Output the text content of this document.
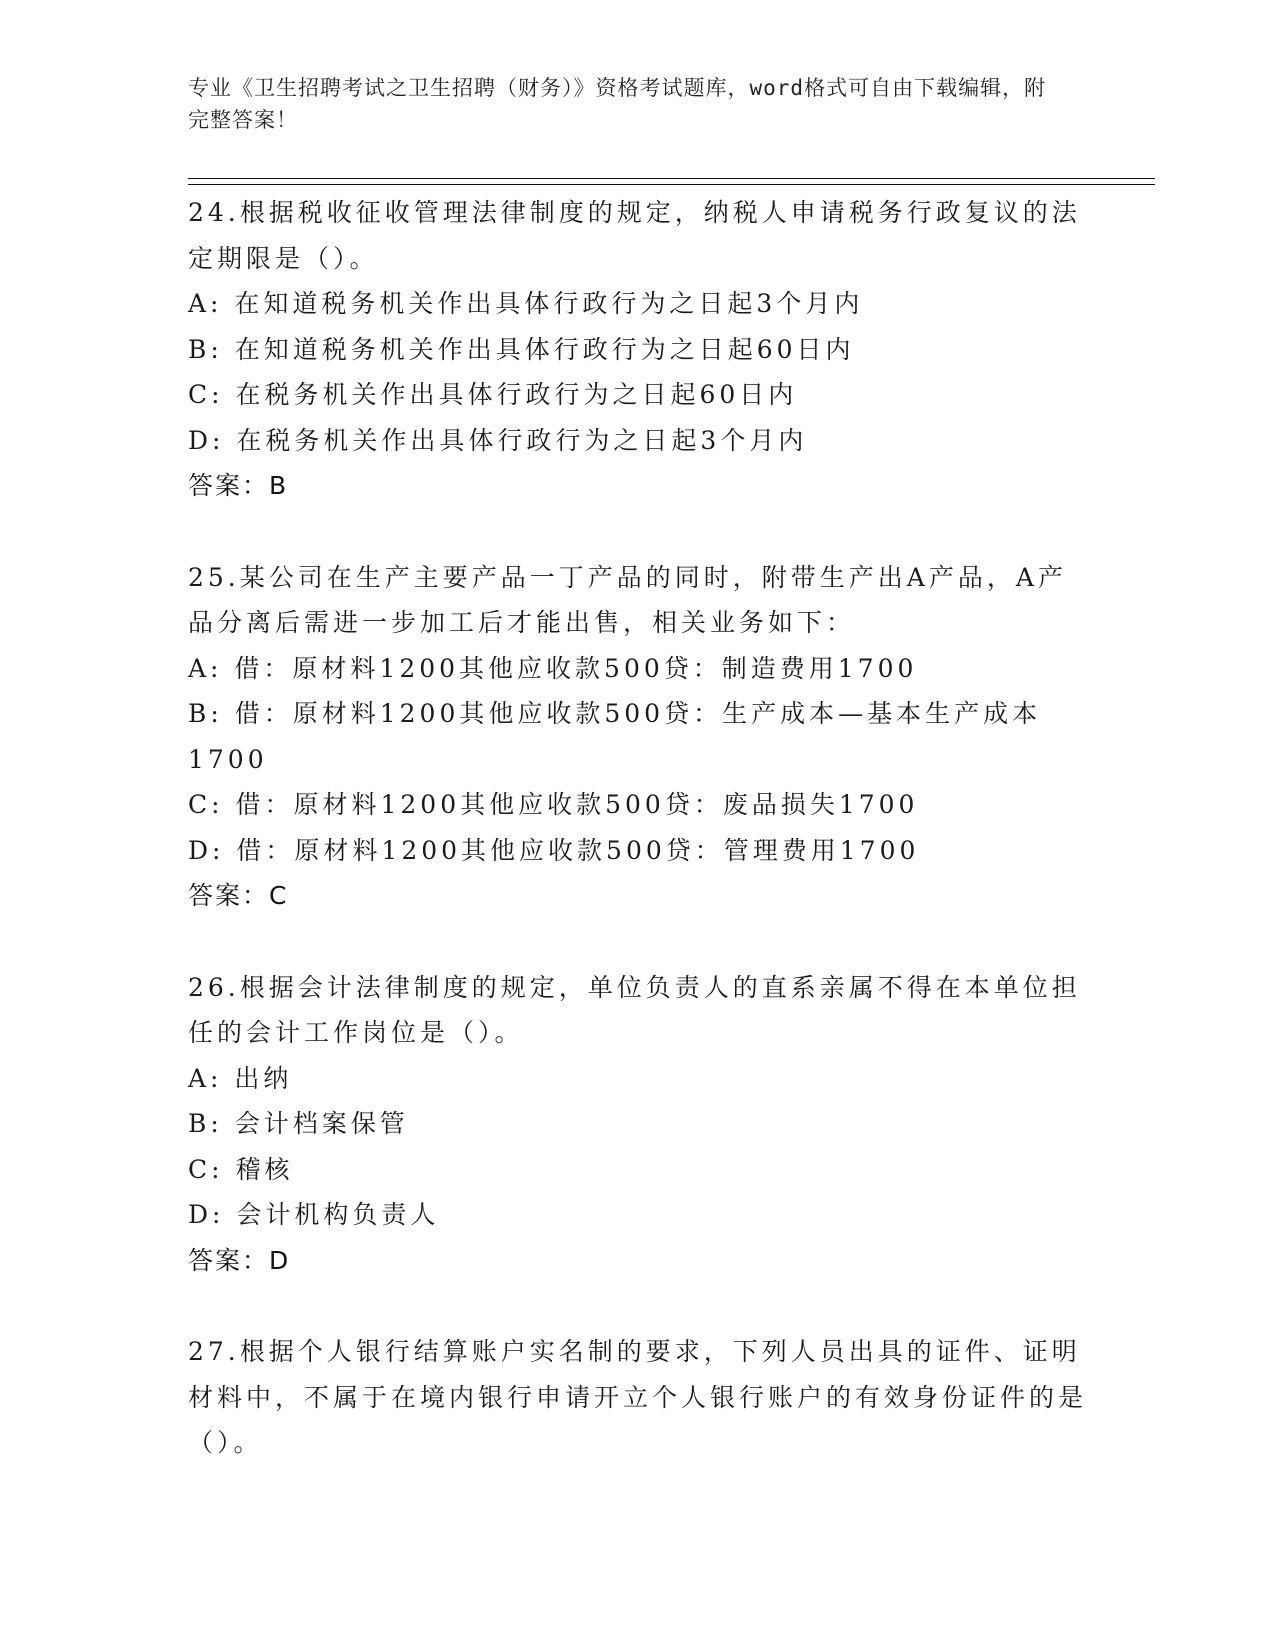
专业《卫生招聘考试之卫生招聘（财务）》资格考试题库，word格式可自由下载编辑，附完整答案！

24.根据税收征收管理法律制度的规定，纳税人申请税务行政复议的法定期限是（）。

A: 在知道税务机关作出具体行政行为之日起3个月内

B: 在知道税务机关作出具体行政行为之日起60日内

C: 在税务机关作出具体行政行为之日起60日内

D: 在税务机关作出具体行政行为之日起3个月内

答案：B

25.某公司在生产主要产品一丁产品的同时，附带生产出A产品，A产品分离后需进一步加工后才能出售，相关业务如下：

A: 借：原材料1200其他应收款500贷：制造费用1700

B: 借：原材料1200其他应收款500贷：生产成本—基本生产成本1700

C: 借：原材料1200其他应收款500贷：废品损失1700

D: 借：原材料1200其他应收款500贷：管理费用1700

答案：C

26.根据会计法律制度的规定，单位负责人的直系亲属不得在本单位担任的会计工作岗位是（）。

A: 出纳

B: 会计档案保管

C: 稽核

D: 会计机构负责人

答案：D

27.根据个人银行结算账户实名制的要求，下列人员出具的证件、证明材料中，不属于在境内银行申请开立个人银行账户的有效身份证件的是（）。
